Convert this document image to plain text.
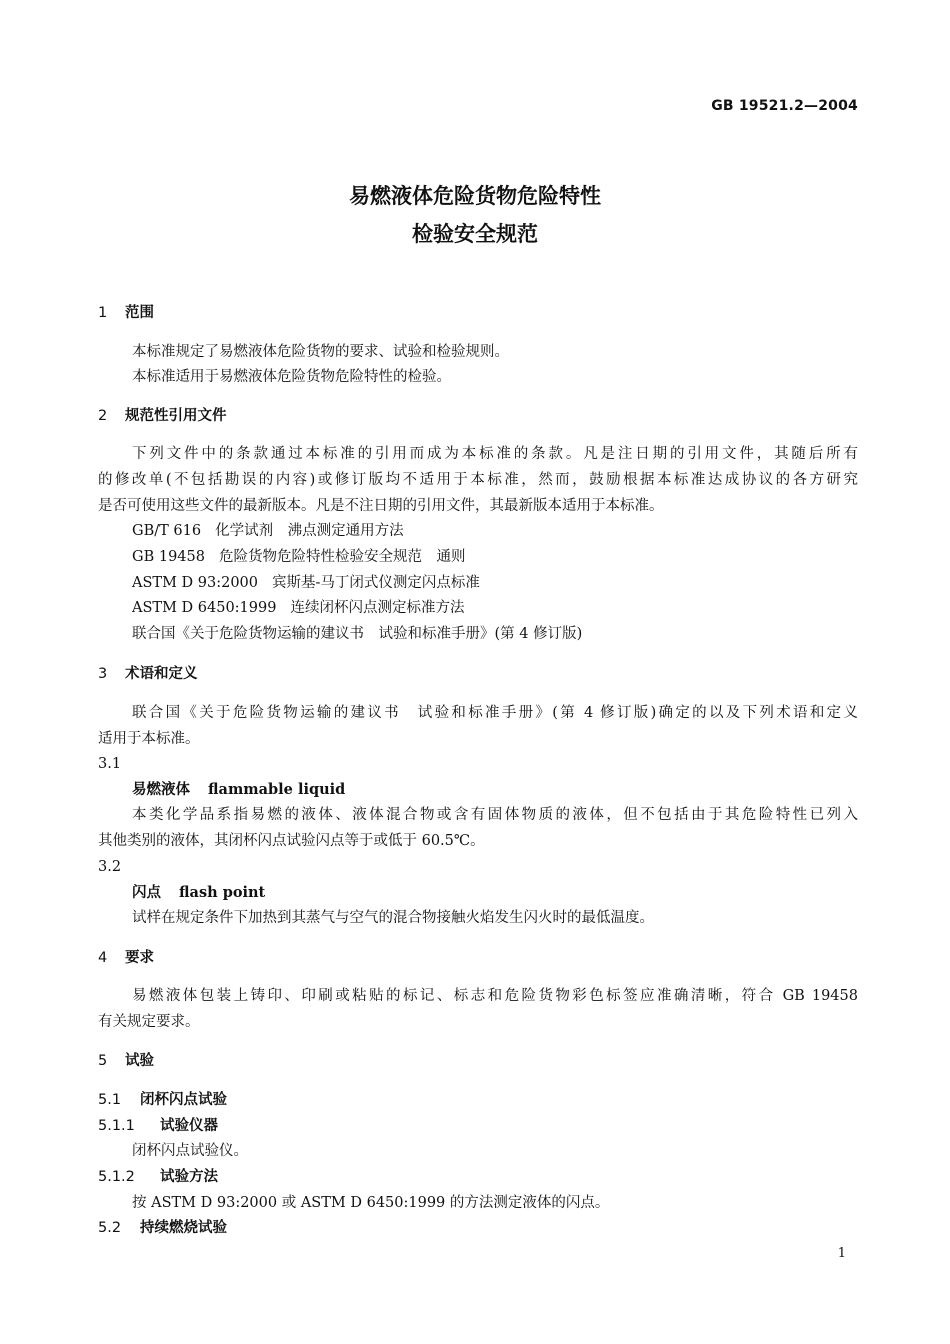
GB 19521.2—2004
易燃液体危险货物危险特性
检验安全规范
1 范围
本标准规定了易燃液体危险货物的要求、试验和检验规则。
本标准适用于易燃液体危险货物危险特性的检验。
2 规范性引用文件
下列文件中的条款通过本标准的引用而成为本标准的条款。凡是注日期的引用文件，其随后所有
的修改单(不包括勘误的内容)或修订版均不适用于本标准，然而，鼓励根据本标准达成协议的各方研究
是否可使用这些文件的最新版本。凡是不注日期的引用文件，其最新版本适用于本标准。
GB/T 616 化学试剂　沸点测定通用方法
GB 19458 危险货物危险特性检验安全规范　通则
ASTM D 93:2000 宾斯基-马丁闭式仪测定闪点标准
ASTM D 6450:1999 连续闭杯闪点测定标准方法
联合国《关于危险货物运输的建议书　试验和标准手册》(第 4 修订版)
3 术语和定义
联合国《关于危险货物运输的建议书　试验和标准手册》(第 4 修订版)确定的以及下列术语和定义
适用于本标准。
3.1
易燃液体 flammable liquid
本类化学品系指易燃的液体、液体混合物或含有固体物质的液体，但不包括由于其危险特性已列入
其他类别的液体，其闭杯闪点试验闪点等于或低于 60.5℃。
3.2
闪点 flash point
试样在规定条件下加热到其蒸气与空气的混合物接触火焰发生闪火时的最低温度。
4 要求
易燃液体包装上铸印、印刷或粘贴的标记、标志和危险货物彩色标签应准确清晰，符合 GB 19458
有关规定要求。
5 试验
5.1 闭杯闪点试验
5.1.1 试验仪器
闭杯闪点试验仪。
5.1.2 试验方法
按 ASTM D 93:2000 或 ASTM D 6450:1999 的方法测定液体的闪点。
5.2 持续燃烧试验
1
